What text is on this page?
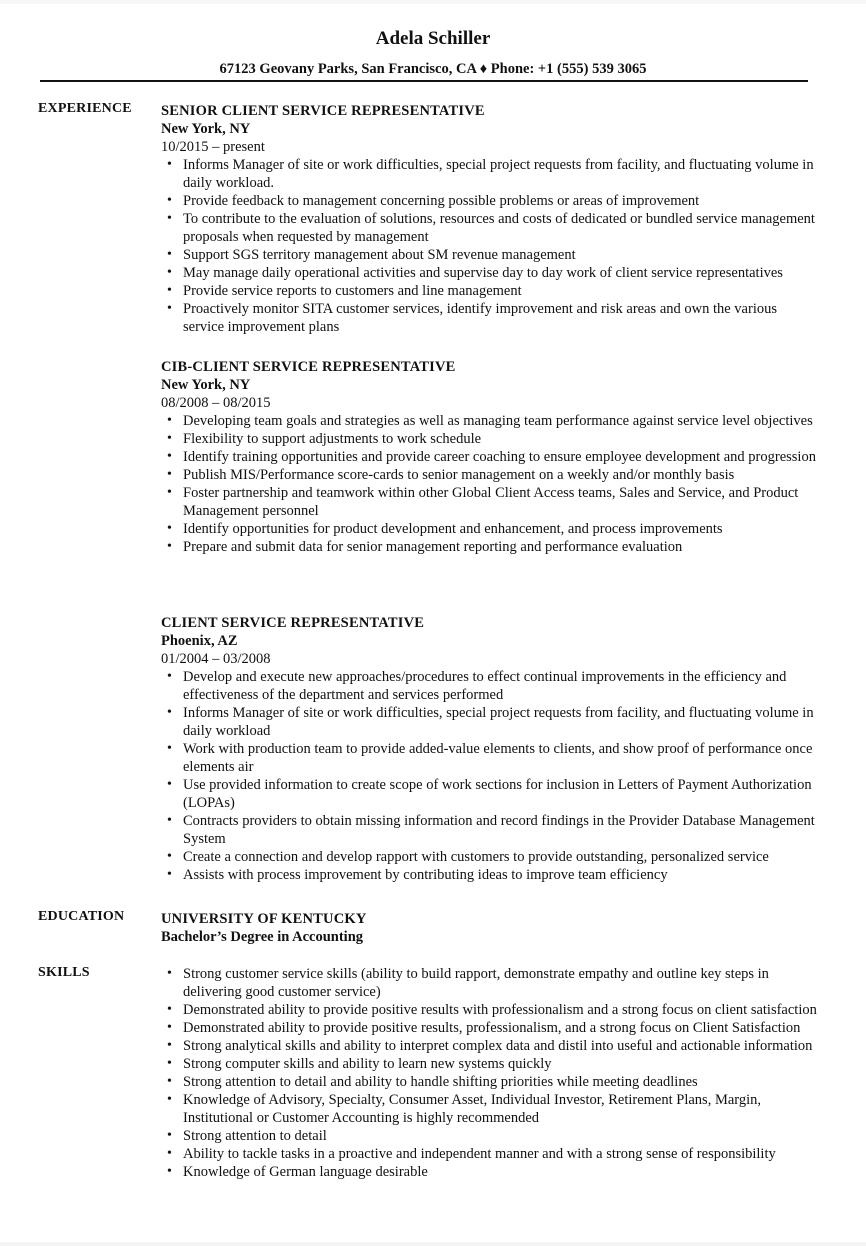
Adela Schiller
67123 Geovany Parks, San Francisco, CA ♦ Phone: +1 (555) 539 3065
EXPERIENCE SENIOR CLIENT SERVICE REPRESENTATIVE
New York, NY
10/2015 – present
• Informs Manager of site or work difficulties, special project requests from facility, and fluctuating volume in daily workload.
• Provide feedback to management concerning possible problems or areas of improvement
• To contribute to the evaluation of solutions, resources and costs of dedicated or bundled service management proposals when requested by management
• Support SGS territory management about SM revenue management
• May manage daily operational activities and supervise day to day work of client service representatives
• Provide service reports to customers and line management
• Proactively monitor SITA customer services, identify improvement and risk areas and own the various service improvement plans
CIB-CLIENT SERVICE REPRESENTATIVE
New York, NY
08/2008 – 08/2015
• Developing team goals and strategies as well as managing team performance against service level objectives
• Flexibility to support adjustments to work schedule
• Identify training opportunities and provide career coaching to ensure employee development and progression
• Publish MIS/Performance score-cards to senior management on a weekly and/or monthly basis
• Foster partnership and teamwork within other Global Client Access teams, Sales and Service, and Product Management personnel
• Identify opportunities for product development and enhancement, and process improvements
• Prepare and submit data for senior management reporting and performance evaluation
CLIENT SERVICE REPRESENTATIVE
Phoenix, AZ
01/2004 – 03/2008
• Develop and execute new approaches/procedures to effect continual improvements in the efficiency and effectiveness of the department and services performed
• Informs Manager of site or work difficulties, special project requests from facility, and fluctuating volume in daily workload
• Work with production team to provide added-value elements to clients, and show proof of performance once elements air
• Use provided information to create scope of work sections for inclusion in Letters of Payment Authorization (LOPAs)
• Contracts providers to obtain missing information and record findings in the Provider Database Management System
• Create a connection and develop rapport with customers to provide outstanding, personalized service
• Assists with process improvement by contributing ideas to improve team efficiency
EDUCATION	UNIVERSITY OF KENTUCKY
Bachelor’s Degree in Accounting
SKILLS
•	Strong customer service skills (ability to build rapport, demonstrate empathy and outline key steps in delivering good customer service)
• Demonstrated ability to provide positive results with professionalism and a strong focus on client satisfaction
• Demonstrated ability to provide positive results, professionalism, and a strong focus on Client Satisfaction
• Strong analytical skills and ability to interpret complex data and distil into useful and actionable information
• Strong computer skills and ability to learn new systems quickly
• Strong attention to detail and ability to handle shifting priorities while meeting deadlines
• Knowledge of Advisory, Specialty, Consumer Asset, Individual Investor, Retirement Plans, Margin, Institutional or Customer Accounting is highly recommended
• Strong attention to detail
• Ability to tackle tasks in a proactive and independent manner and with a strong sense of responsibility
• Knowledge of German language desirable
